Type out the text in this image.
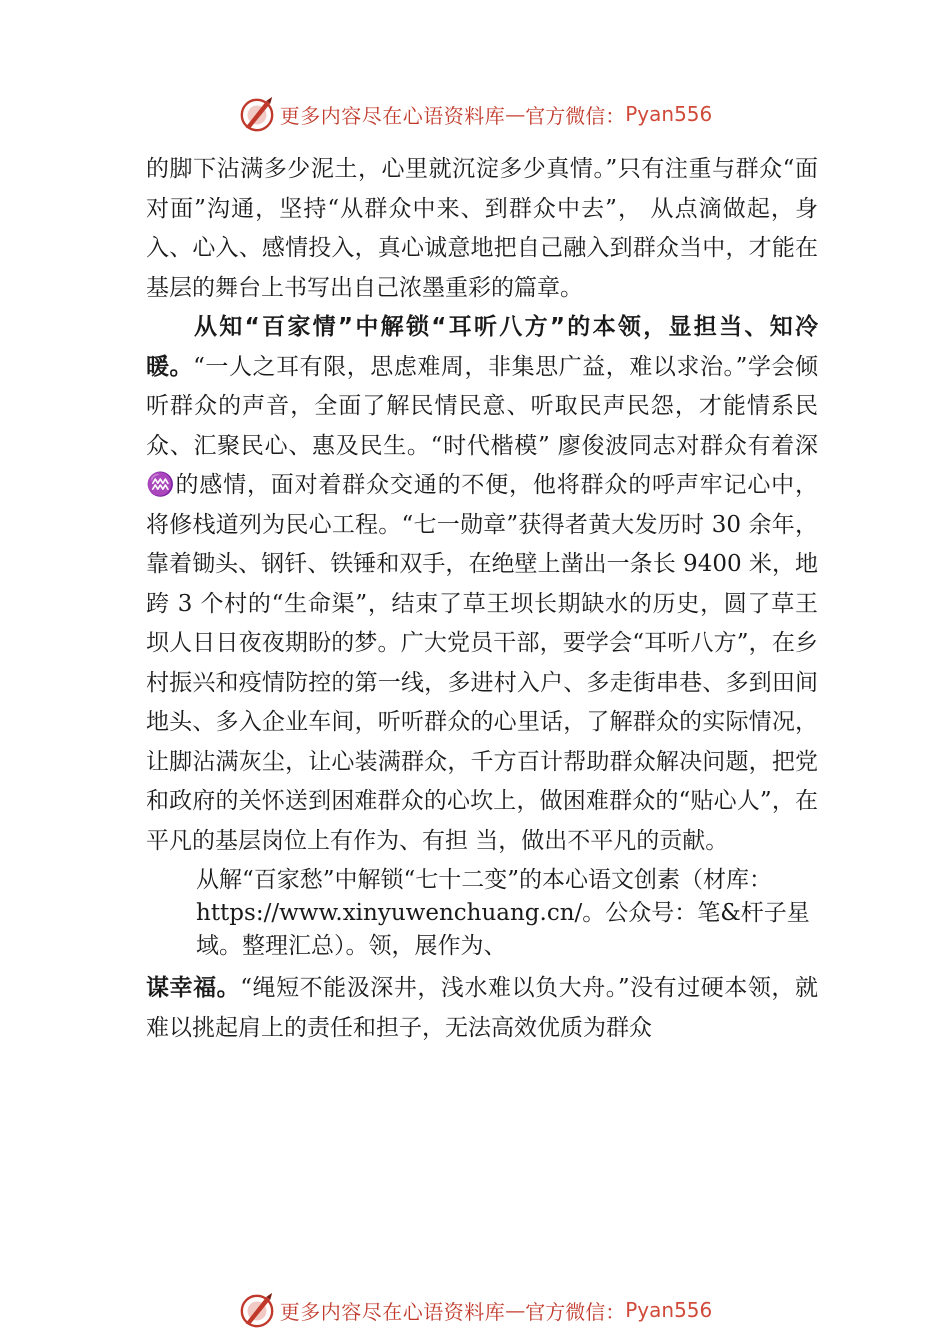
更多内容尽在心语资料库 — 官方微信： Pyan556

的脚下沾满多少泥土，心里就沉淀多少真情。”只有注重与群众“面对面”沟通，坚持“从群众中来、到群众中去”， 从点滴做起，身入、心入、感情投入，真心诚意地把自己融入到群众当中，才能在基层的舞台上书写出自己浓墨重彩的篇章。

从知“百家情”中解锁“耳听八方”的本领，显担当、知冷暖。“一人之耳有限，思虑难周，非集思广益，难以求治。”学会倾听群众的声音，全面了解民情民意、听取民声民怨，才能情系民众、汇聚民心、惠及民生。“时代楷模” 廖俊波同志对群众有着深♒的感情，面对着群众交通的不便，他将群众的呼声牢记心中，将修栈道列为民心工程。“七一勋章”获得者黄大发历时 30 余年，靠着锄头、钢钎、铁锤和双手，在绝壁上凿出一条长 9400 米，地跨 3 个村的“生命渠”，结束了草王坝长期缺水的历史，圆了草王坝人日日夜夜期盼的梦。广大党员干部，要学会“耳听八方”，在乡村振兴和疫情防控的第一线，多进村入户、多走街串巷、多到田间地头、多入企业车间，听听群众的心里话，了解群众的实际情况，让脚沾满灰尘，让心装满群众，千方百计帮助群众解决问题，把党和政府的关怀送到困难群众的心坎上，做困难群众的“贴心人”，在平凡的基层岗位上有作为、有担 当，做出不平凡的贡献。

从解“百家愁”中解锁“七十二变”的本心语文创素（材库：https://www.xinyuwenchuang.cn/。公众号：笔&杆子星域。整理汇总）。领，展作为、

谋幸福。“绳短不能汲深井，浅水难以负大舟。”没有过硬本领，就难以挑起肩上的责任和担子，无法高效优质为群众

更多内容尽在心语资料库 — 官方微信： Pyan556
